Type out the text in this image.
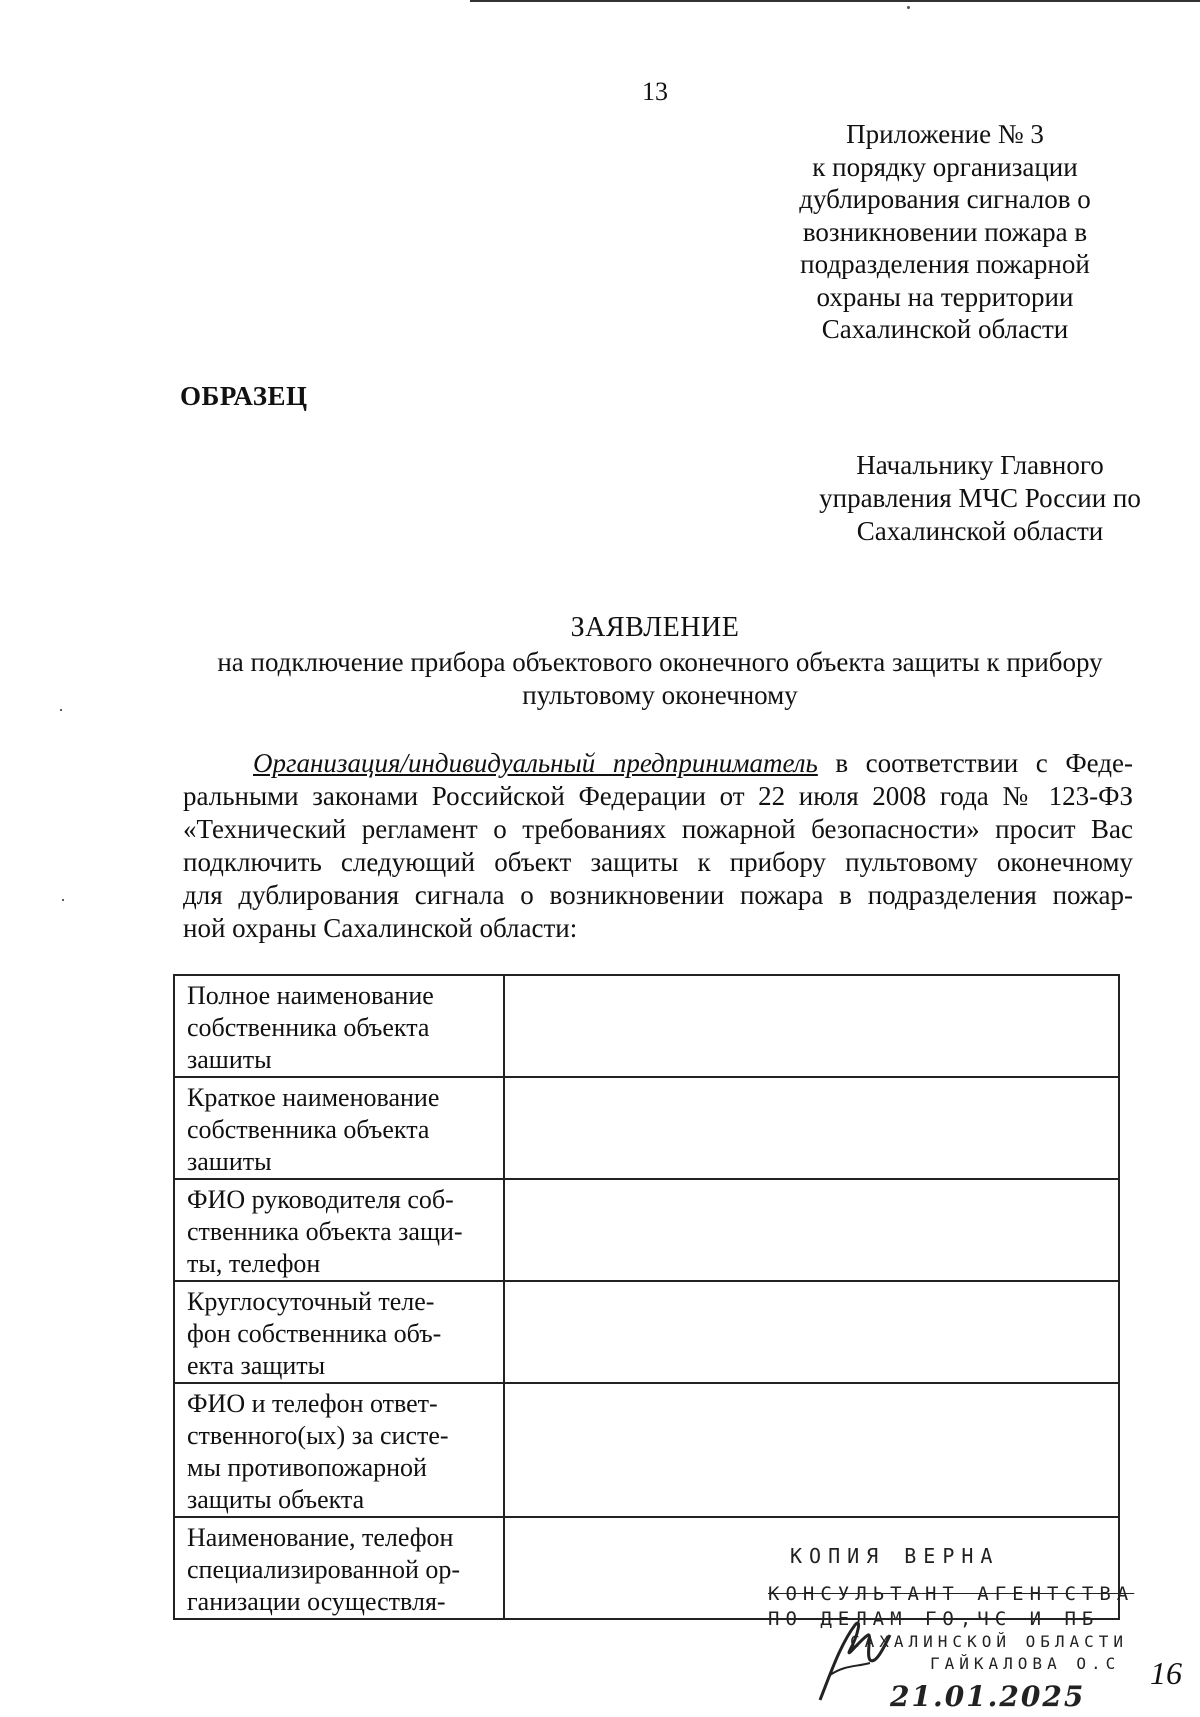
13
Приложение № 3
к порядку организации
дублирования сигналов о
возникновении пожара в
подразделения пожарной
охраны на территории
Сахалинской области
ОБРАЗЕЦ
Начальнику Главного
управления МЧС России по
Сахалинской области
ЗАЯВЛЕНИЕ
на подключение прибора объектового оконечного объекта защиты к прибору
пультовому оконечному
Организация/индивидуальный предприниматель в соответствии с Феде-
ральными законами Российской Федерации от 22 июля 2008 года № 123-ФЗ
«Технический регламент о требованиях пожарной безопасности» просит Вас
подключить следующий объект защиты к прибору пультовому оконечному
для дублирования сигнала о возникновении пожара в подразделения пожар-
ной охраны Сахалинской области:
Полное наименование
собственника объекта
зашиты	

Краткое наименование
собственника объекта
зашиты	

ФИО руководителя соб-
ственника объекта защи-
ты, телефон	

Круглосуточный теле-
фон собственника объ-
екта защиты	

ФИО и телефон ответ-
ственного(ых) за систе-
мы противопожарной
защиты объекта	

Наименование, телефон
специализированной ор-
ганизации осуществля-	

КОПИЯ ВЕРНА
КОНСУЛЬТАНТ АГЕНТСТВА
ПО ДЕЛАМ ГО,ЧС И ПБ
САХАЛИНСКОЙ ОБЛАСТИ
ГАЙКАЛОВА О.С
21.01.2025
16
·
·
